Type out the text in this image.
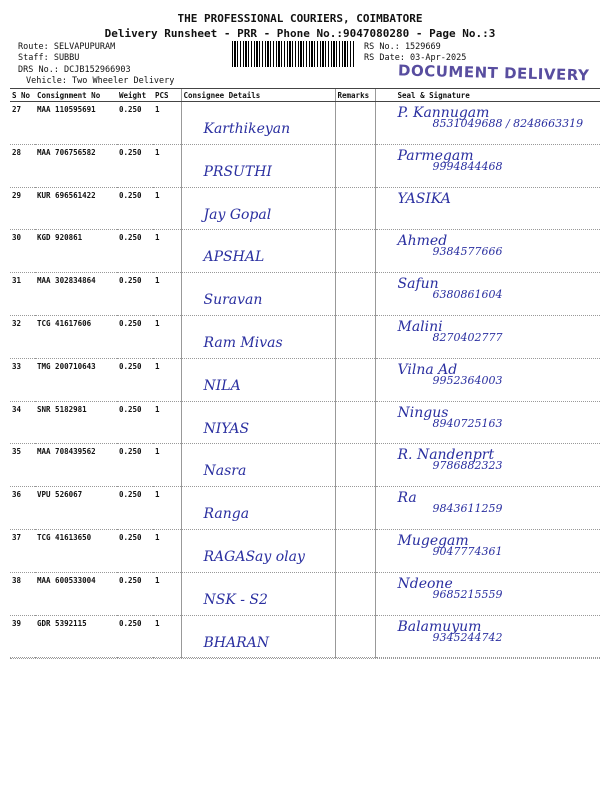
THE PROFESSIONAL COURIERS, COIMBATORE
Delivery Runsheet - PRR - Phone No.:9047080280 - Page No.:3
Route: SELVAPUPURAM
Staff: SUBBU
DRS No.: DCJB152966903
Vehicle: Two Wheeler Delivery
RS No.: 1529669
RS Date: 03-Apr-2025
DOCUMENT DELIVERY
S No	Consignment No	Weight	PCS	Consignee Details	Remarks	Seal & Signature
27	MAA 110595691	0.250	1	Karthikeyan		P. Kannugam
8531049688 / 8248663319

28	MAA 706756582	0.250	1	PRSUTHI		Parmegam
9994844468

29	KUR 696561422	0.250	1	Jay Gopal		YASIKA

30	KGD 920861	0.250	1	APSHAL		Ahmed
9384577666

31	MAA 302834864	0.250	1	Suravan		Safun
6380861604

32	TCG 41617606	0.250	1	Ram Mivas		Malini
8270402777

33	TMG 200710643	0.250	1	NILA		Vilna Ad
9952364003

34	SNR 5182981	0.250	1	NIYAS		Ningus
8940725163

35	MAA 708439562	0.250	1	Nasra		R. Nandenprt
9786882323

36	VPU 526067	0.250	1	Ranga		Ra
9843611259

37	TCG 41613650	0.250	1	RAGASay olay		Mugegam
9047774361

38	MAA 600533004	0.250	1	NSK - S2		Ndeone
9685215559

39	GDR 5392115	0.250	1	BHARAN		Balamuyum
9345244742
